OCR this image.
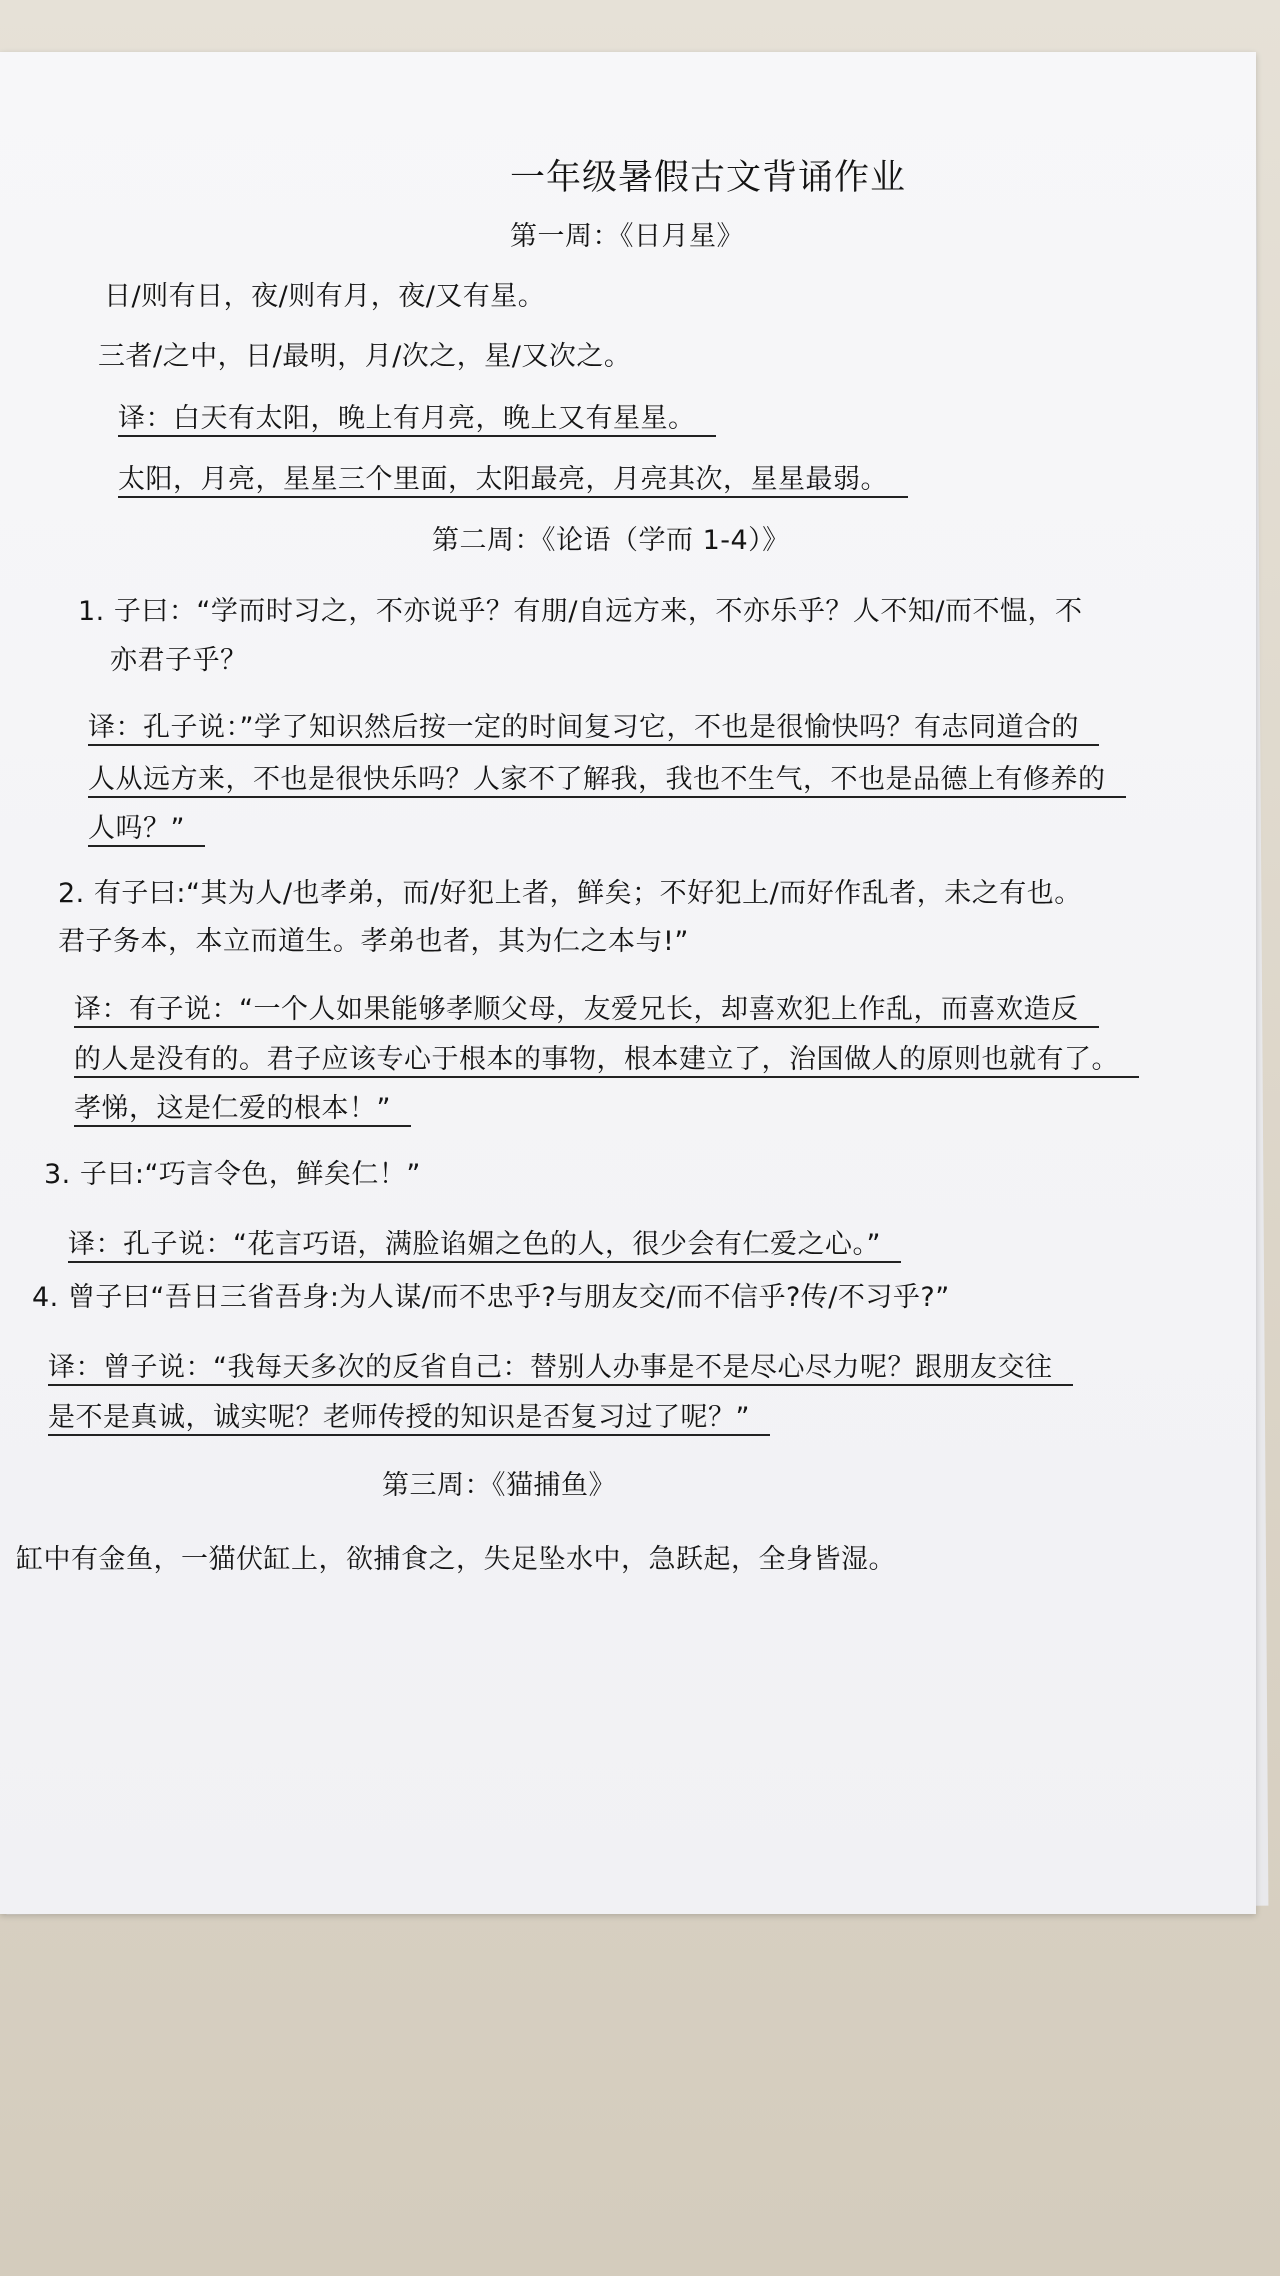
一年级暑假古文背诵作业

第一周：《日月星》

日/则有日，夜/则有月，夜/又有星。

三者/之中，日/最明，月/次之，星/又次之。

译：白天有太阳，晚上有月亮，晚上又有星星。

太阳，月亮，星星三个里面，太阳最亮，月亮其次，星星最弱。

第二周：《论语（学而 1-4）》

1. 子曰：“学而时习之，不亦说乎？有朋/自远方来，不亦乐乎？人不知/而不愠，不

亦君子乎？

译：孔子说：”学了知识然后按一定的时间复习它，不也是很愉快吗？有志同道合的

人从远方来，不也是很快乐吗？人家不了解我，我也不生气，不也是品德上有修养的

人吗？”

2. 有子曰:“其为人/也孝弟，而/好犯上者，鲜矣；不好犯上/而好作乱者，未之有也。

君子务本，本立而道生。孝弟也者，其为仁之本与!”

译：有子说：“一个人如果能够孝顺父母，友爱兄长，却喜欢犯上作乱，而喜欢造反

的人是没有的。君子应该专心于根本的事物，根本建立了，治国做人的原则也就有了。

孝悌，这是仁爱的根本！”

3. 子曰:“巧言令色，鲜矣仁！”

译：孔子说：“花言巧语，满脸谄媚之色的人，很少会有仁爱之心。”

4. 曾子曰“吾日三省吾身:为人谋/而不忠乎?与朋友交/而不信乎?传/不习乎?”

译：曾子说：“我每天多次的反省自己：替别人办事是不是尽心尽力呢？跟朋友交往

是不是真诚，诚实呢？老师传授的知识是否复习过了呢？”

第三周：《猫捕鱼》

缸中有金鱼，一猫伏缸上，欲捕食之，失足坠水中，急跃起，全身皆湿。
